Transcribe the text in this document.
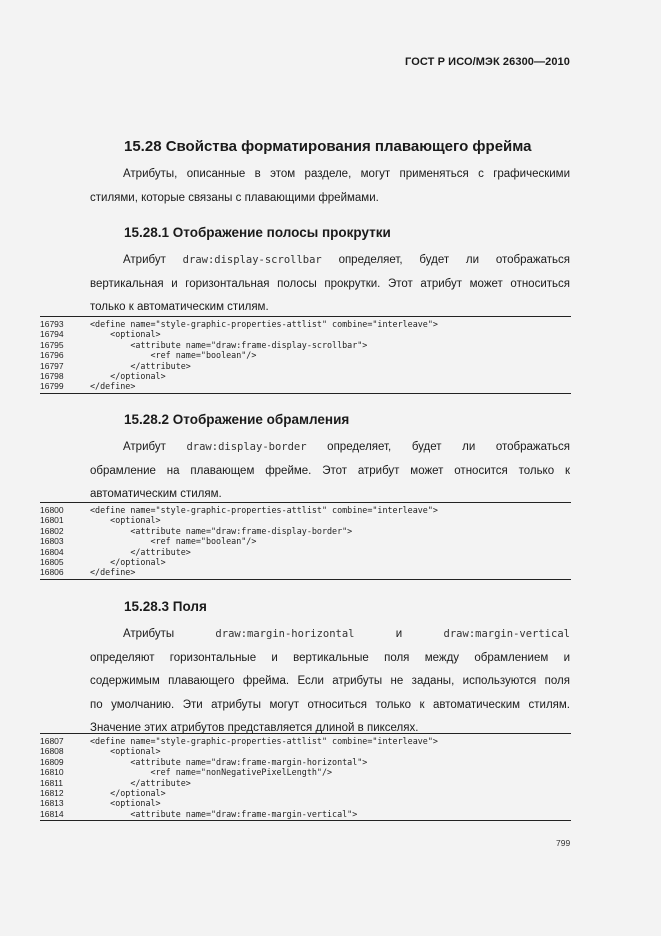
ГОСТ Р ИСО/МЭК 26300—2010
15.28 Свойства форматирования плавающего фрейма
Атрибуты, описанные в этом разделе, могут применяться с графическими
стилями, которые связаны с плавающими фреймами.
15.28.1 Отображение полосы прокрутки
Атрибут draw:display-scrollbar определяет, будет ли отображаться
вертикальная и горизонтальная полосы прокрутки. Этот атрибут может относиться
только к автоматическим стилям.
16793	<define name="style-graphic-properties-attlist" combine="interleave">
16794	<optional>
16795	<attribute name="draw:frame-display-scrollbar">
16796	<ref name="boolean"/>
16797	</attribute>
16798	</optional>
16799	</define>
15.28.2 Отображение обрамления
Атрибут draw:display-border определяет, будет ли отображаться
обрамление на плавающем фрейме. Этот атрибут может относится только к
автоматическим стилям.
16800	<define name="style-graphic-properties-attlist" combine="interleave">
16801	<optional>
16802	<attribute name="draw:frame-display-border">
16803	<ref name="boolean"/>
16804	</attribute>
16805	</optional>
16806	</define>
15.28.3 Поля
Атрибуты	draw:margin-horizontal	и	draw:margin-vertical
определяют горизонтальные и вертикальные поля между обрамлением и
содержимым плавающего фрейма. Если атрибуты не заданы, используются поля
по умолчанию. Эти атрибуты могут относиться только к автоматическим стилям.
Значение этих атрибутов представляется длиной в пикселях.
16807	<define name="style-graphic-properties-attlist" combine="interleave">
16808	<optional>
16809	<attribute name="draw:frame-margin-horizontal">
16810	<ref name="nonNegativePixelLength"/>
16811	</attribute>
16812	</optional>
16813	<optional>
16814	<attribute name="draw:frame-margin-vertical">
799
